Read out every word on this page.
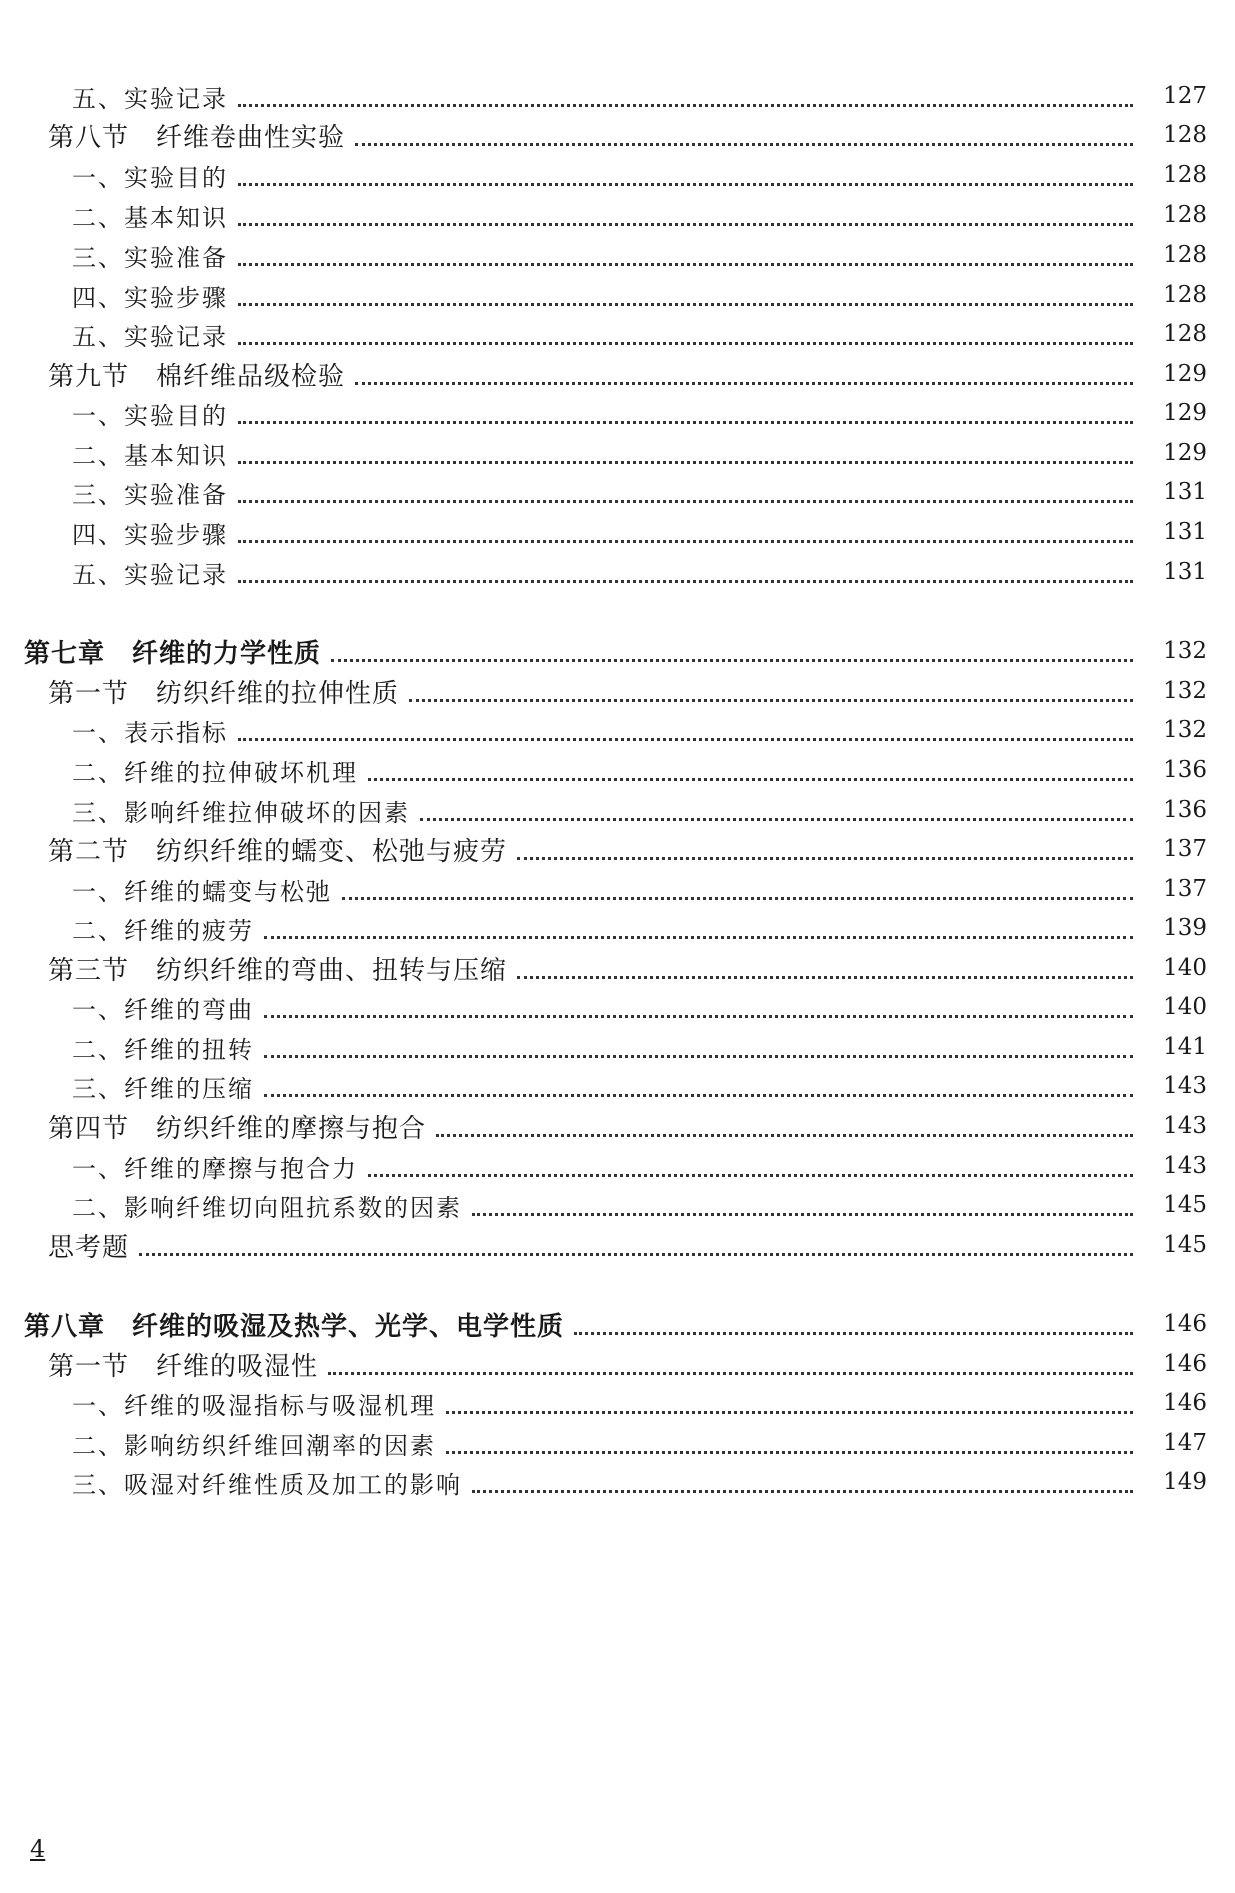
五、实验记录	127
第八节　纤维卷曲性实验	128
一、实验目的	128
二、基本知识	128
三、实验准备	128
四、实验步骤	128
五、实验记录	128
第九节　棉纤维品级检验	129
一、实验目的	129
二、基本知识	129
三、实验准备	131
四、实验步骤	131
五、实验记录	131
第七章　纤维的力学性质	132
第一节　纺织纤维的拉伸性质	132
一、表示指标	132
二、纤维的拉伸破坏机理	136
三、影响纤维拉伸破坏的因素	136
第二节　纺织纤维的蠕变、松弛与疲劳	137
一、纤维的蠕变与松弛	137
二、纤维的疲劳	139
第三节　纺织纤维的弯曲、扭转与压缩	140
一、纤维的弯曲	140
二、纤维的扭转	141
三、纤维的压缩	143
第四节　纺织纤维的摩擦与抱合	143
一、纤维的摩擦与抱合力	143
二、影响纤维切向阻抗系数的因素	145
思考题	145
第八章　纤维的吸湿及热学、光学、电学性质	146
第一节　纤维的吸湿性	146
一、纤维的吸湿指标与吸湿机理	146
二、影响纺织纤维回潮率的因素	147
三、吸湿对纤维性质及加工的影响	149
4
